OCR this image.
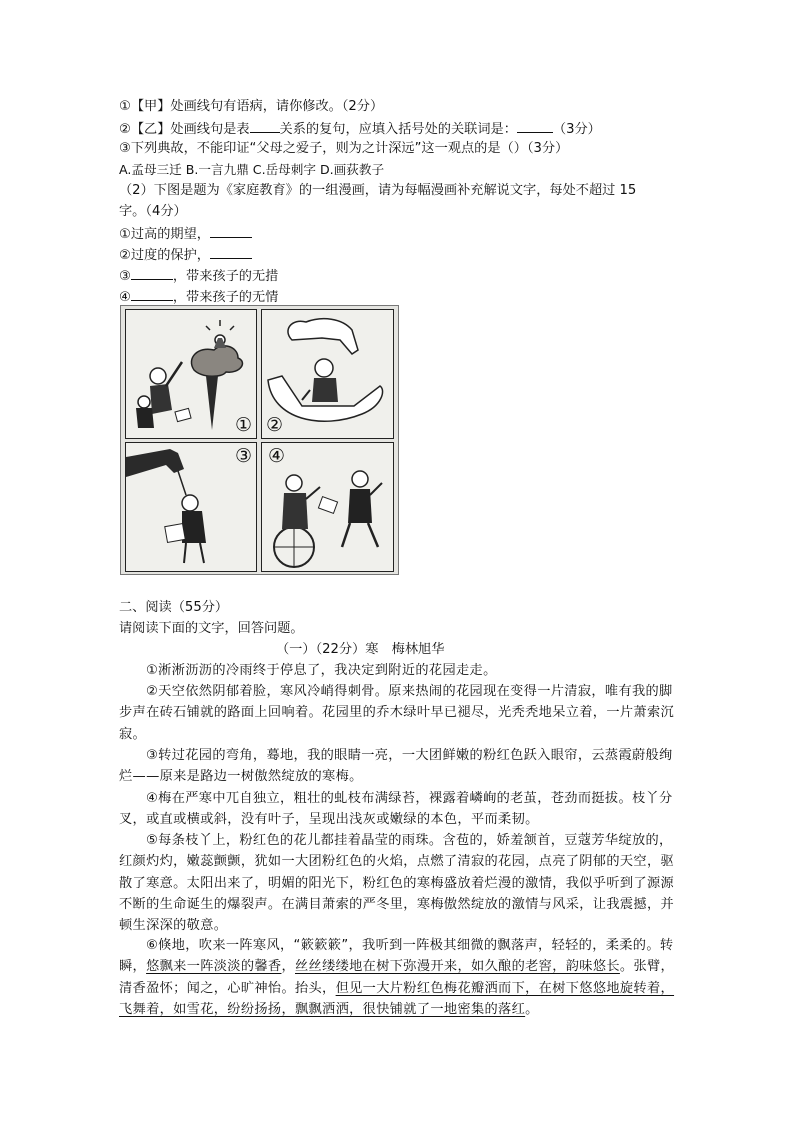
①【甲】处画线句有语病，请你修改。（2分）
②【乙】处画线句是表 关系的复句，应填入括号处的关联词是：	（3分）
③下列典故，不能印证“父母之爱子，则为之计深远”这一观点的是（）（3分）
A.孟母三迁 B.一言九鼎 C.岳母刺字 D.画荻教子
（2）下图是题为《家庭教育》的一组漫画，请为每幅漫画补充解说文字，每处不超过 15
字。（4分）
①过高的期望，
②过度的保护，
③	，带来孩子的无措
④	，带来孩子的无情
① ②
③ ④
二、阅读（55分）
请阅读下面的文字，回答问题。
（一）（22分）寒　梅林旭华
①淅淅沥沥的冷雨终于停息了，我决定到附近的花园走走。
②天空依然阴郁着脸，寒风冷峭得刺骨。原来热闹的花园现在变得一片清寂，唯有我的脚步声在砖石铺就的路面上回响着。花园里的乔木绿叶早已褪尽，光秃秃地呆立着，一片萧索沉寂。
③转过花园的弯角，蓦地，我的眼睛一亮，一大团鲜嫩的粉红色跃入眼帘，云蒸霞蔚般绚烂——原来是路边一树傲然绽放的寒梅。
④梅在严寒中兀自独立，粗壮的虬枝布满绿苔，裸露着嶙峋的老茧，苍劲而挺拔。枝丫分叉，或直或横或斜，没有叶子，呈现出浅灰或嫩绿的本色，平而柔韧。
⑤每条枝丫上，粉红色的花儿都挂着晶莹的雨珠。含苞的，娇羞颔首，豆蔻芳华绽放的，红颜灼灼，嫩蕊颤颤，犹如一大团粉红色的火焰，点燃了清寂的花园，点亮了阴郁的天空，驱散了寒意。太阳出来了，明媚的阳光下，粉红色的寒梅盛放着烂漫的激情，我似乎听到了源源不断的生命诞生的爆裂声。在满目萧索的严冬里，寒梅傲然绽放的激情与风采，让我震撼，并顿生深深的敬意。
⑥倏地，吹来一阵寒风，“簌簌簌”，我听到一阵极其细微的飘落声，轻轻的，柔柔的。转瞬，悠飘来一阵淡淡的馨香，丝丝缕缕地在树下弥漫开来，如久酿的老窖，韵味悠长。张臂，清香盈怀；闻之，心旷神怡。抬头，但见一大片粉红色梅花瓣洒而下，在树下悠悠地旋转着，飞舞着，如雪花，纷纷扬扬，飘飘洒洒，很快铺就了一地密集的落红。
